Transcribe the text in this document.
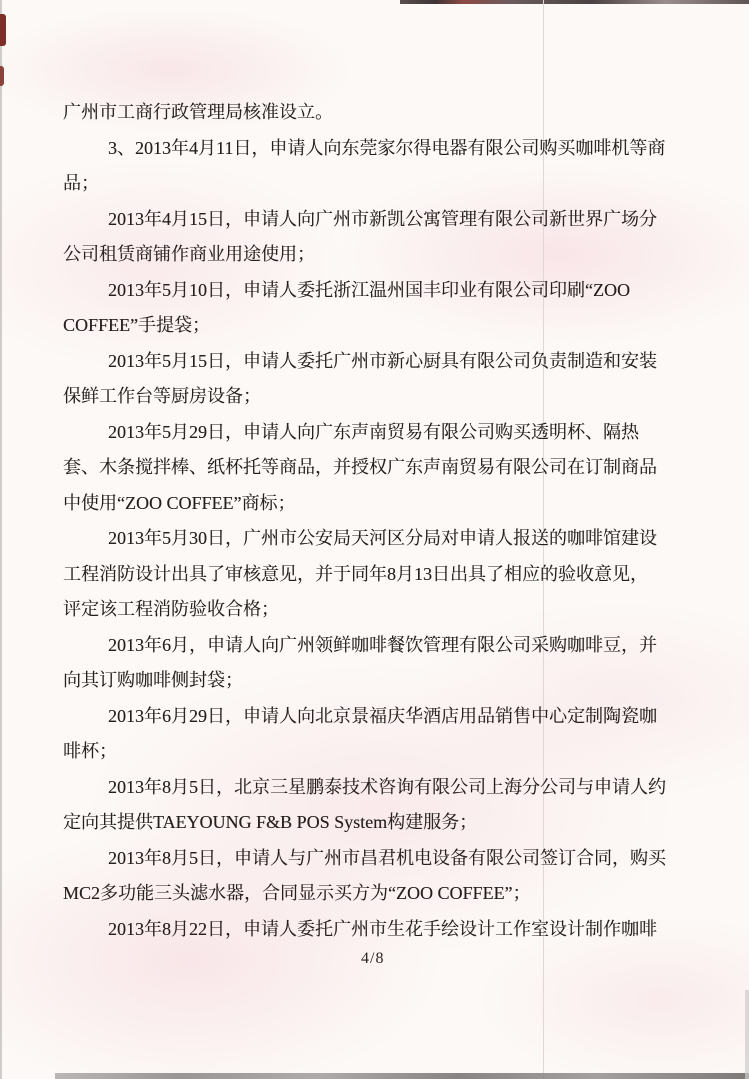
广州市工商行政管理局核准设立。
3、2013年4月11日，申请人向东莞家尔得电器有限公司购买咖啡机等商
品；
2013年4月15日，申请人向广州市新凯公寓管理有限公司新世界广场分
公司租赁商铺作商业用途使用；
2013年5月10日，申请人委托浙江温州国丰印业有限公司印刷“ZOO
COFFEE”手提袋；
2013年5月15日，申请人委托广州市新心厨具有限公司负责制造和安装
保鲜工作台等厨房设备；
2013年5月29日，申请人向广东声南贸易有限公司购买透明杯、隔热
套、木条搅拌棒、纸杯托等商品，并授权广东声南贸易有限公司在订制商品
中使用“ZOO COFFEE”商标；
2013年5月30日，广州市公安局天河区分局对申请人报送的咖啡馆建设
工程消防设计出具了审核意见，并于同年8月13日出具了相应的验收意见，
评定该工程消防验收合格；
2013年6月，申请人向广州领鲜咖啡餐饮管理有限公司采购咖啡豆，并
向其订购咖啡侧封袋；
2013年6月29日，申请人向北京景福庆华酒店用品销售中心定制陶瓷咖
啡杯；
2013年8月5日，北京三星鹏泰技术咨询有限公司上海分公司与申请人约
定向其提供TAEYOUNG F&B POS System构建服务；
2013年8月5日，申请人与广州市昌君机电设备有限公司签订合同，购买
MC2多功能三头滤水器，合同显示买方为“ZOO COFFEE”；
2013年8月22日，申请人委托广州市生花手绘设计工作室设计制作咖啡
4/8
